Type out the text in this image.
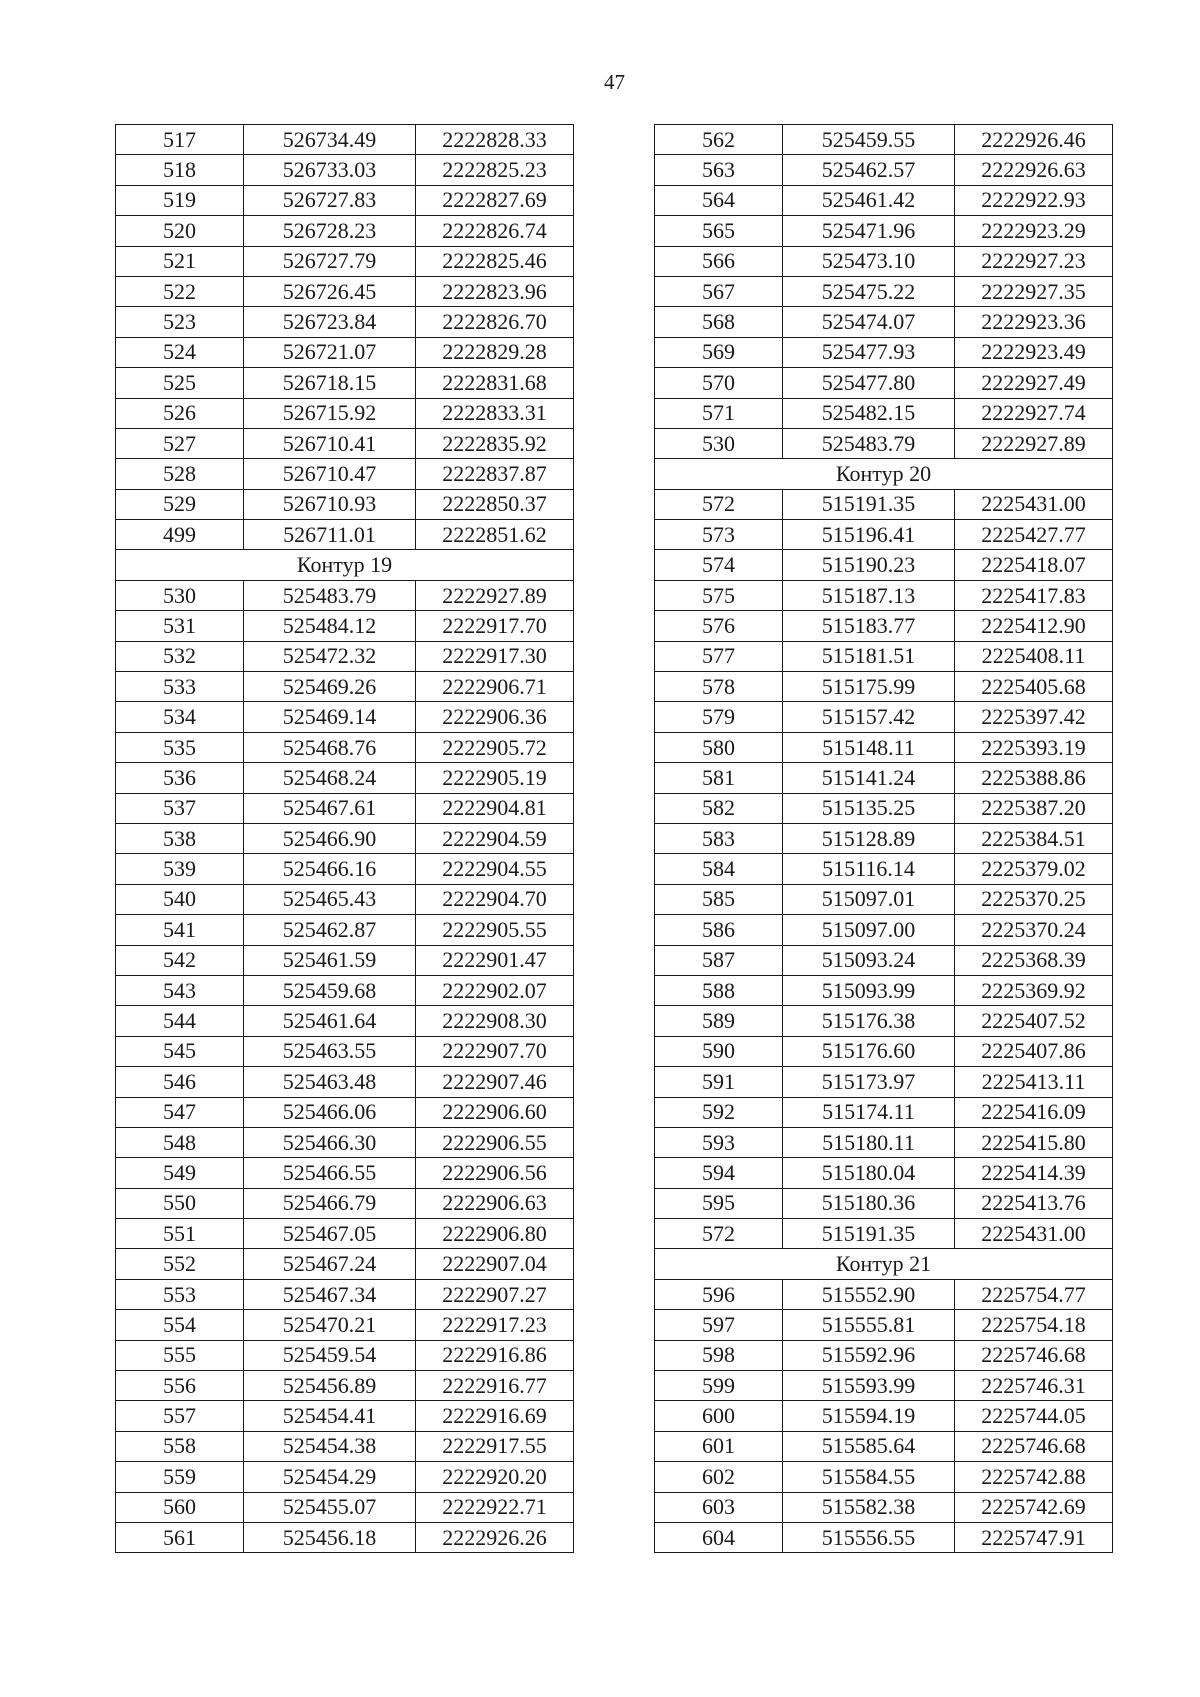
47
517	526734.49	2222828.33
518	526733.03	2222825.23
519	526727.83	2222827.69
520	526728.23	2222826.74
521	526727.79	2222825.46
522	526726.45	2222823.96
523	526723.84	2222826.70
524	526721.07	2222829.28
525	526718.15	2222831.68
526	526715.92	2222833.31
527	526710.41	2222835.92
528	526710.47	2222837.87
529	526710.93	2222850.37
499	526711.01	2222851.62
Контур 19		
530	525483.79	2222927.89
531	525484.12	2222917.70
532	525472.32	2222917.30
533	525469.26	2222906.71
534	525469.14	2222906.36
535	525468.76	2222905.72
536	525468.24	2222905.19
537	525467.61	2222904.81
538	525466.90	2222904.59
539	525466.16	2222904.55
540	525465.43	2222904.70
541	525462.87	2222905.55
542	525461.59	2222901.47
543	525459.68	2222902.07
544	525461.64	2222908.30
545	525463.55	2222907.70
546	525463.48	2222907.46
547	525466.06	2222906.60
548	525466.30	2222906.55
549	525466.55	2222906.56
550	525466.79	2222906.63
551	525467.05	2222906.80
552	525467.24	2222907.04
553	525467.34	2222907.27
554	525470.21	2222917.23
555	525459.54	2222916.86
556	525456.89	2222916.77
557	525454.41	2222916.69
558	525454.38	2222917.55
559	525454.29	2222920.20
560	525455.07	2222922.71
561	525456.18	2222926.26
562	525459.55	2222926.46
563	525462.57	2222926.63
564	525461.42	2222922.93
565	525471.96	2222923.29
566	525473.10	2222927.23
567	525475.22	2222927.35
568	525474.07	2222923.36
569	525477.93	2222923.49
570	525477.80	2222927.49
571	525482.15	2222927.74
530	525483.79	2222927.89
Контур 20		
572	515191.35	2225431.00
573	515196.41	2225427.77
574	515190.23	2225418.07
575	515187.13	2225417.83
576	515183.77	2225412.90
577	515181.51	2225408.11
578	515175.99	2225405.68
579	515157.42	2225397.42
580	515148.11	2225393.19
581	515141.24	2225388.86
582	515135.25	2225387.20
583	515128.89	2225384.51
584	515116.14	2225379.02
585	515097.01	2225370.25
586	515097.00	2225370.24
587	515093.24	2225368.39
588	515093.99	2225369.92
589	515176.38	2225407.52
590	515176.60	2225407.86
591	515173.97	2225413.11
592	515174.11	2225416.09
593	515180.11	2225415.80
594	515180.04	2225414.39
595	515180.36	2225413.76
572	515191.35	2225431.00
Контур 21		
596	515552.90	2225754.77
597	515555.81	2225754.18
598	515592.96	2225746.68
599	515593.99	2225746.31
600	515594.19	2225744.05
601	515585.64	2225746.68
602	515584.55	2225742.88
603	515582.38	2225742.69
604	515556.55	2225747.91
